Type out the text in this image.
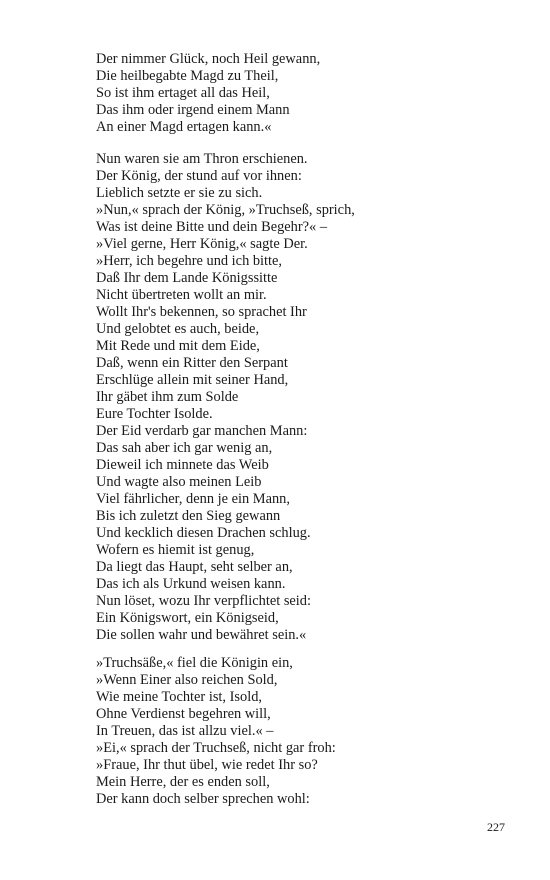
Der nimmer Glück, noch Heil gewann,
Die heilbegabte Magd zu Theil,
So ist ihm ertaget all das Heil,
Das ihm oder irgend einem Mann
An einer Magd ertagen kann.«
Nun waren sie am Thron erschienen.
Der König, der stund auf vor ihnen:
Lieblich setzte er sie zu sich.
»Nun,« sprach der König, »Truchseß, sprich,
Was ist deine Bitte und dein Begehr?« –
»Viel gerne, Herr König,« sagte Der.
»Herr, ich begehre und ich bitte,
Daß Ihr dem Lande Königssitte
Nicht übertreten wollt an mir.
Wollt Ihr's bekennen, so sprachet Ihr
Und gelobtet es auch, beide,
Mit Rede und mit dem Eide,
Daß, wenn ein Ritter den Serpant
Erschlüge allein mit seiner Hand,
Ihr gäbet ihm zum Solde
Eure Tochter Isolde.
Der Eid verdarb gar manchen Mann:
Das sah aber ich gar wenig an,
Dieweil ich minnete das Weib
Und wagte also meinen Leib
Viel fährlicher, denn je ein Mann,
Bis ich zuletzt den Sieg gewann
Und kecklich diesen Drachen schlug.
Wofern es hiemit ist genug,
Da liegt das Haupt, seht selber an,
Das ich als Urkund weisen kann.
Nun löset, wozu Ihr verpflichtet seid:
Ein Königswort, ein Königseid,
Die sollen wahr und bewähret sein.«
»Truchsäße,« fiel die Königin ein,
»Wenn Einer also reichen Sold,
Wie meine Tochter ist, Isold,
Ohne Verdienst begehren will,
In Treuen, das ist allzu viel.« –
»Ei,« sprach der Truchseß, nicht gar froh:
»Fraue, Ihr thut übel, wie redet Ihr so?
Mein Herre, der es enden soll,
Der kann doch selber sprechen wohl:
227
